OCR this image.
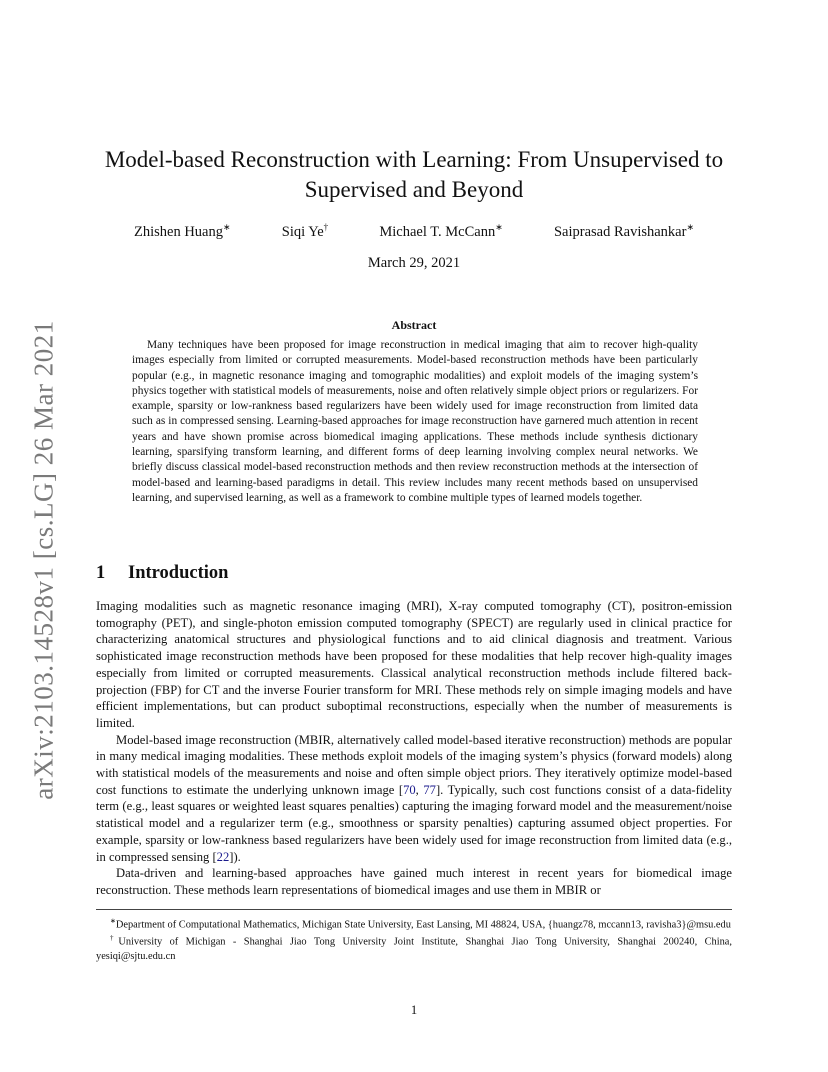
arXiv:2103.14528v1 [cs.LG] 26 Mar 2021
Model-based Reconstruction with Learning: From Unsupervised to Supervised and Beyond
Zhishen Huang∗	Siqi Ye†	Michael T. McCann∗	Saiprasad Ravishankar∗
March 29, 2021
Abstract
Many techniques have been proposed for image reconstruction in medical imaging that aim to recover high-quality images especially from limited or corrupted measurements. Model-based reconstruction methods have been particularly popular (e.g., in magnetic resonance imaging and tomographic modalities) and exploit models of the imaging system’s physics together with statistical models of measurements, noise and often relatively simple object priors or regularizers. For example, sparsity or low-rankness based regularizers have been widely used for image reconstruction from limited data such as in compressed sensing. Learning-based approaches for image reconstruction have garnered much attention in recent years and have shown promise across biomedical imaging applications. These methods include synthesis dictionary learning, sparsifying transform learning, and different forms of deep learning involving complex neural networks. We briefly discuss classical model-based reconstruction methods and then review reconstruction methods at the intersection of model-based and learning-based paradigms in detail. This review includes many recent methods based on unsupervised learning, and supervised learning, as well as a framework to combine multiple types of learned models together.
1 Introduction

Imaging modalities such as magnetic resonance imaging (MRI), X-ray computed tomography (CT), positron-emission tomography (PET), and single-photon emission computed tomography (SPECT) are regularly used in clinical practice for characterizing anatomical structures and physiological functions and to aid clinical diagnosis and treatment. Various sophisticated image reconstruction methods have been proposed for these modalities that help recover high-quality images especially from limited or corrupted measurements. Classical analytical reconstruction methods include filtered back-projection (FBP) for CT and the inverse Fourier transform for MRI. These methods rely on simple imaging models and have efficient implementations, but can product suboptimal reconstructions, especially when the number of measurements is limited.

Model-based image reconstruction (MBIR, alternatively called model-based iterative reconstruction) methods are popular in many medical imaging modalities. These methods exploit models of the imaging system’s physics (forward models) along with statistical models of the measurements and noise and often simple object priors. They iteratively optimize model-based cost functions to estimate the underlying unknown image [70, 77]. Typically, such cost functions consist of a data-fidelity term (e.g., least squares or weighted least squares penalties) capturing the imaging forward model and the measurement/noise statistical model and a regularizer term (e.g., smoothness or sparsity penalties) capturing assumed object properties. For example, sparsity or low-rankness based regularizers have been widely used for image reconstruction from limited data (e.g., in compressed sensing [22]).

Data-driven and learning-based approaches have gained much interest in recent years for biomedical image reconstruction. These methods learn representations of biomedical images and use them in MBIR or

∗Department of Computational Mathematics, Michigan State University, East Lansing, MI 48824, USA, {huangz78, mccann13, ravisha3}@msu.edu

†University of Michigan - Shanghai Jiao Tong University Joint Institute, Shanghai Jiao Tong University, Shanghai 200240, China, yesiqi@sjtu.edu.cn

1
